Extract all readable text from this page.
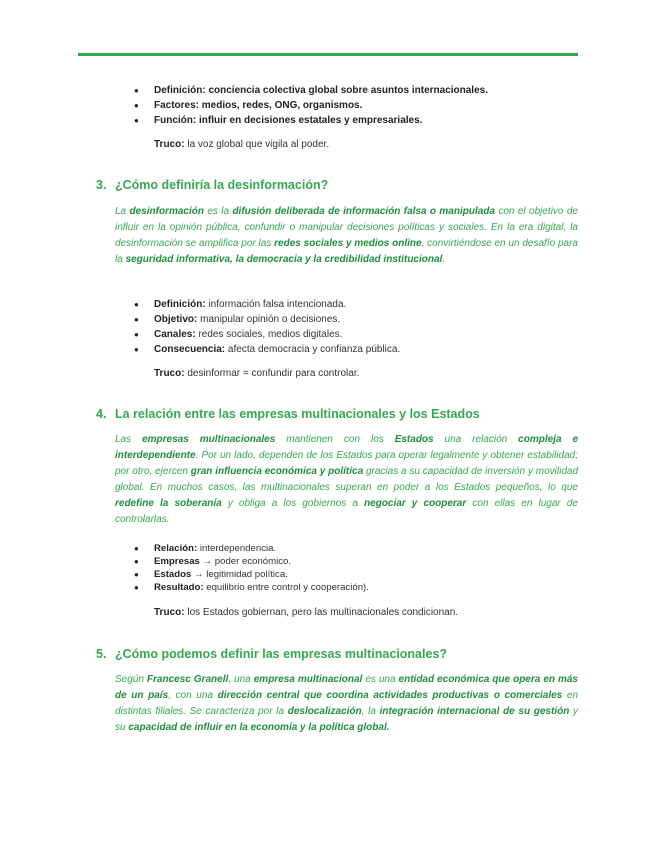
● Definición: conciencia colectiva global sobre asuntos internacionales.
● Factores: medios, redes, ONG, organismos.
● Función: influir en decisiones estatales y empresariales.
Truco: la voz global que vigila al poder.
3. ¿Cómo definiría la desinformación?

La desinformación es la difusión deliberada de información falsa o manipulada con el objetivo de influir en la opinión pública, confundir o manipular decisiones políticas y sociales. En la era digital, la desinformación se amplifica por las redes sociales y medios online, convirtiéndose en un desafío para la seguridad informativa, la democracia y la credibilidad institucional.

● Definición: información falsa intencionada.
● Objetivo: manipular opinión o decisiones.
● Canales: redes sociales, medios digitales.
● Consecuencia: afecta democracia y confianza pública.
Truco: desinformar = confundir para controlar.
4. La relación entre las empresas multinacionales y los Estados

Las empresas multinacionales mantienen con los Estados una relación compleja e interdependiente. Por un lado, dependen de los Estados para operar legalmente y obtener estabilidad; por otro, ejercen gran influencia económica y política gracias a su capacidad de inversión y movilidad global. En muchos casos, las multinacionales superan en poder a los Estados pequeños, lo que redefine la soberanía y obliga a los gobiernos a negociar y cooperar con ellas en lugar de controlarlas.

● Relación: interdependencia.
● Empresas → poder económico.
● Estados → legitimidad política.
● Resultado: equilibrio entre control y cooperación).
Truco: los Estados gobiernan, pero las multinacionales condicionan.
5. ¿Cómo podemos definir las empresas multinacionales?

Según Francesc Granell, una empresa multinacional es una entidad económica que opera en más de un país, con una dirección central que coordina actividades productivas o comerciales en distintas filiales. Se caracteriza por la deslocalización, la integración internacional de su gestión y su capacidad de influir en la economía y la política global.
